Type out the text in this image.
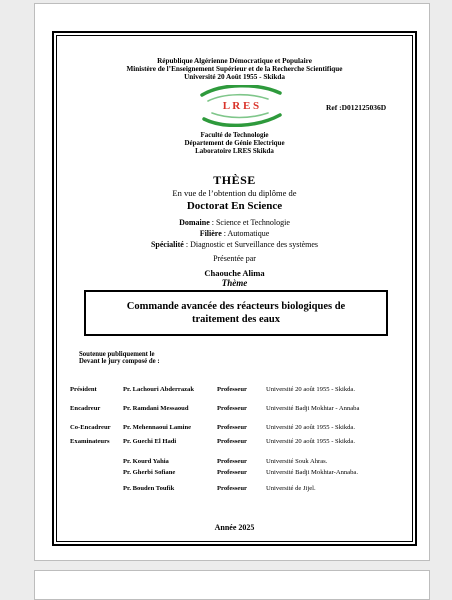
République Algérienne Démocratique et Populaire
Ministère de l’Enseignement Supérieur et de la Recherche Scientifique
Université 20 Août 1955 - Skikda
L R E S	Ref :D012125036D
Faculté de Technologie
Département de Génie Electrique
Laboratoire LRES Skikda
THÈSE
En vue de l’obtention du diplôme de
Doctorat En Science
Domaine : Science et Technologie
Filière : Automatique
Spécialité : Diagnostic et Surveillance des systèmes
Présentée par
Chaouche Alima
Thème
Commande avancée des réacteurs biologiques de
traitement des eaux
Soutenue publiquement le
Devant le jury composé de :
Président	Pr. Lachouri Abderrazak	Professeur	Université 20 août 1955 - Skikda.
Encadreur	Pr. Ramdani Messaoud	Professeur	Université Badji Mokhtar - Annaba
Co-Encadreur Pr. Mehennaoui Lamine	Professeur	Université 20 août 1955 - Skikda.
Examinateurs Pr. Guechi El Hadi	Professeur	Université 20 août 1955 - Skikda.
Pr. Kourd Yahia	Professeur	Université Souk Ahras.
Pr. Gherbi Sofiane	Professeur	Université Badji Mokhtar-Annaba.
Pr. Bouden Toufik	Professeur	Université de Jijel.
Année 2025
